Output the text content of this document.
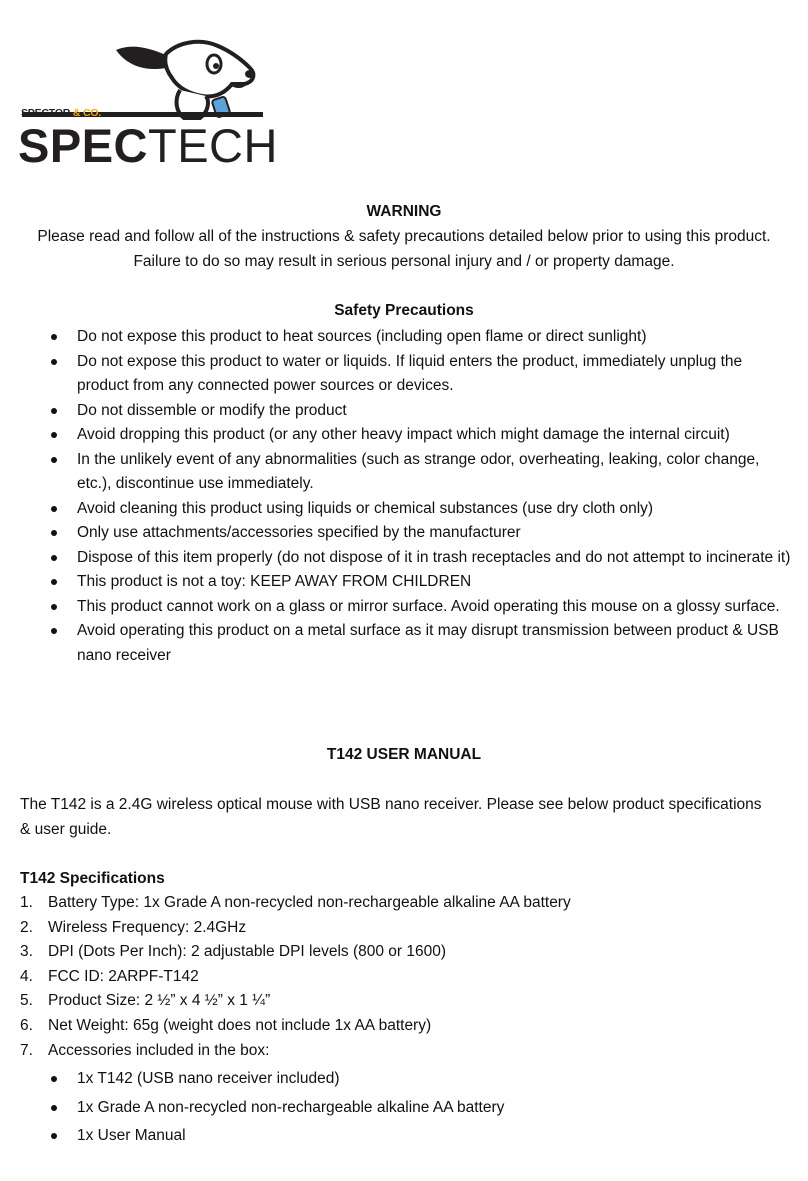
SPECTOR & CO.
SPECTECH
WARNING
Please read and follow all of the instructions & safety precautions detailed below prior to using this product.
Failure to do so may result in serious personal injury and / or property damage.
Safety Precautions
Do not expose this product to heat sources (including open flame or direct sunlight)
Do not expose this product to water or liquids. If liquid enters the product, immediately unplug the product from any connected power sources or devices.
Do not dissemble or modify the product
Avoid dropping this product (or any other heavy impact which might damage the internal circuit)
In the unlikely event of any abnormalities (such as strange odor, overheating, leaking, color change, etc.), discontinue use immediately.
Avoid cleaning this product using liquids or chemical substances (use dry cloth only)
Only use attachments/accessories specified by the manufacturer
Dispose of this item properly (do not dispose of it in trash receptacles and do not attempt to incinerate it)
This product is not a toy: KEEP AWAY FROM CHILDREN
This product cannot work on a glass or mirror surface. Avoid operating this mouse on a glossy surface.
Avoid operating this product on a metal surface as it may disrupt transmission between product & USB nano receiver
T142 USER MANUAL
The T142 is a 2.4G wireless optical mouse with USB nano receiver. Please see below product specifications
& user guide.
T142 Specifications
1. Battery Type: 1x Grade A non-recycled non-rechargeable alkaline AA battery
2. Wireless Frequency: 2.4GHz
3. DPI (Dots Per Inch): 2 adjustable DPI levels (800 or 1600)
4. FCC ID: 2ARPF-T142
5. Product Size: 2 ½” x 4 ½” x 1 ¼”
6. Net Weight: 65g (weight does not include 1x AA battery)
7. Accessories included in the box:
1x T142 (USB nano receiver included)
1x Grade A non-recycled non-rechargeable alkaline AA battery
1x User Manual
